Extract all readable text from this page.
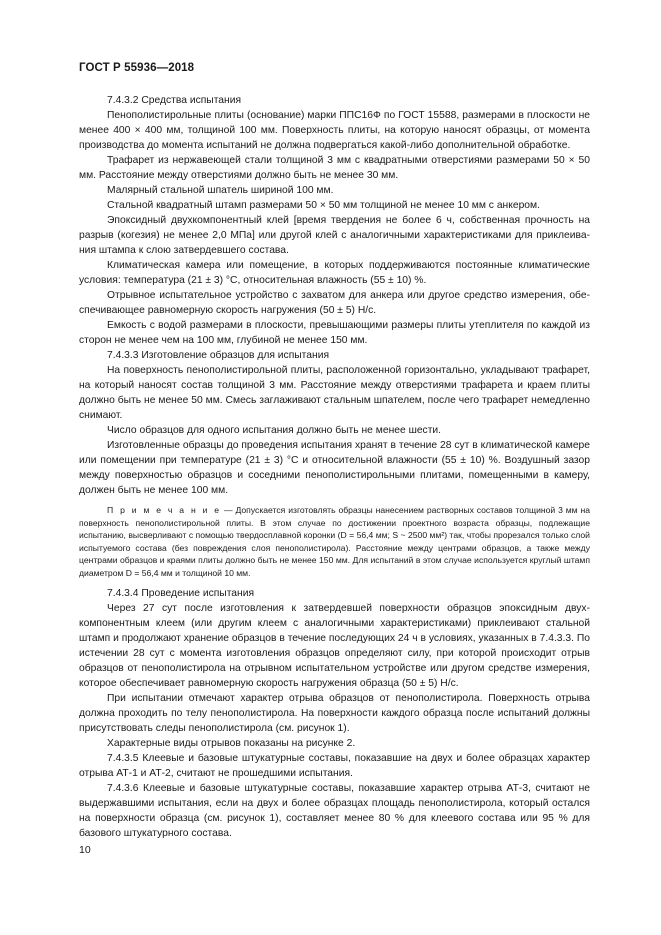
ГОСТ Р 55936—2018

7.4.3.2 Средства испытания

Пенополистирольные плиты (основание) марки ППС16Ф по ГОСТ 15588, размерами в плоскости не менее 400 × 400 мм, толщиной 100 мм. Поверхность плиты, на которую наносят образцы, от момента производства до момента испытаний не должна подвергаться какой-либо дополнительной обработке.

Трафарет из нержавеющей стали толщиной 3 мм с квадратными отверстиями размерами 50 × 50 мм. Расстояние между отверстиями должно быть не менее 30 мм.

Малярный стальной шпатель шириной 100 мм.

Стальной квадратный штамп размерами 50 × 50 мм толщиной не менее 10 мм с анкером.

Эпоксидный двухкомпонентный клей [время твердения не более 6 ч, собственная прочность на разрыв (когезия) не менее 2,0 МПа] или другой клей с аналогичными характеристиками для приклеивания штампа к слою затвердевшего состава.

Климатическая камера или помещение, в которых поддерживаются постоянные климатические условия: температура (21 ± 3) °С, относительная влажность (55 ± 10) %.

Отрывное испытательное устройство с захватом для анкера или другое средство измерения, обеспечивающее равномерную скорость нагружения (50 ± 5) Н/с.

Емкость с водой размерами в плоскости, превышающими размеры плиты утеплителя по каждой из сторон не менее чем на 100 мм, глубиной не менее 150 мм.

7.4.3.3 Изготовление образцов для испытания

На поверхность пенополистирольной плиты, расположенной горизонтально, укладывают трафарет, на который наносят состав толщиной 3 мм. Расстояние между отверстиями трафарета и краем плиты должно быть не менее 50 мм. Смесь заглаживают стальным шпателем, после чего трафарет немедленно снимают.

Число образцов для одного испытания должно быть не менее шести.

Изготовленные образцы до проведения испытания хранят в течение 28 сут в климатической камере или помещении при температуре (21 ± 3) °С и относительной влажности (55 ± 10) %. Воздушный зазор между поверхностью образцов и соседними пенополистирольными плитами, помещенными в камеру, должен быть не менее 100 мм.

П р и м е ч а н и е — Допускается изготовлять образцы нанесением растворных составов толщиной 3 мм на поверхность пенополистирольной плиты. В этом случае по достижении проектного возраста образцы, подлежащие испытанию, высверливают с помощью твердосплавной коронки (D = 56,4 мм; S ~ 2500 мм²) так, чтобы прорезался только слой испытуемого состава (без повреждения слоя пенополистирола). Расстояние между центрами образцов, а также между центрами образцов и краями плиты должно быть не менее 150 мм. Для испытаний в этом случае используется круглый штамп диаметром D = 56,4 мм и толщиной 10 мм.

7.4.3.4 Проведение испытания

Через 27 сут после изготовления к затвердевшей поверхности образцов эпоксидным двухкомпонентным клеем (или другим клеем с аналогичными характеристиками) приклеивают стальной штамп и продолжают хранение образцов в течение последующих 24 ч в условиях, указанных в 7.4.3.3. По истечении 28 сут с момента изготовления образцов определяют силу, при которой происходит отрыв образцов от пенополистирола на отрывном испытательном устройстве или другом средстве измерения, которое обеспечивает равномерную скорость нагружения образца (50 ± 5) Н/с.

При испытании отмечают характер отрыва образцов от пенополистирола. Поверхность отрыва должна проходить по телу пенополистирола. На поверхности каждого образца после испытаний должны присутствовать следы пенополистирола (см. рисунок 1).

Характерные виды отрывов показаны на рисунке 2.

7.4.3.5 Клеевые и базовые штукатурные составы, показавшие на двух и более образцах характер отрыва АТ-1 и АТ-2, считают не прошедшими испытания.

7.4.3.6 Клеевые и базовые штукатурные составы, показавшие характер отрыва АТ-3, считают не выдержавшими испытания, если на двух и более образцах площадь пенополистирола, который остался на поверхности образца (см. рисунок 1), составляет менее 80 % для клеевого состава или 95 % для базового штукатурного состава.

10
